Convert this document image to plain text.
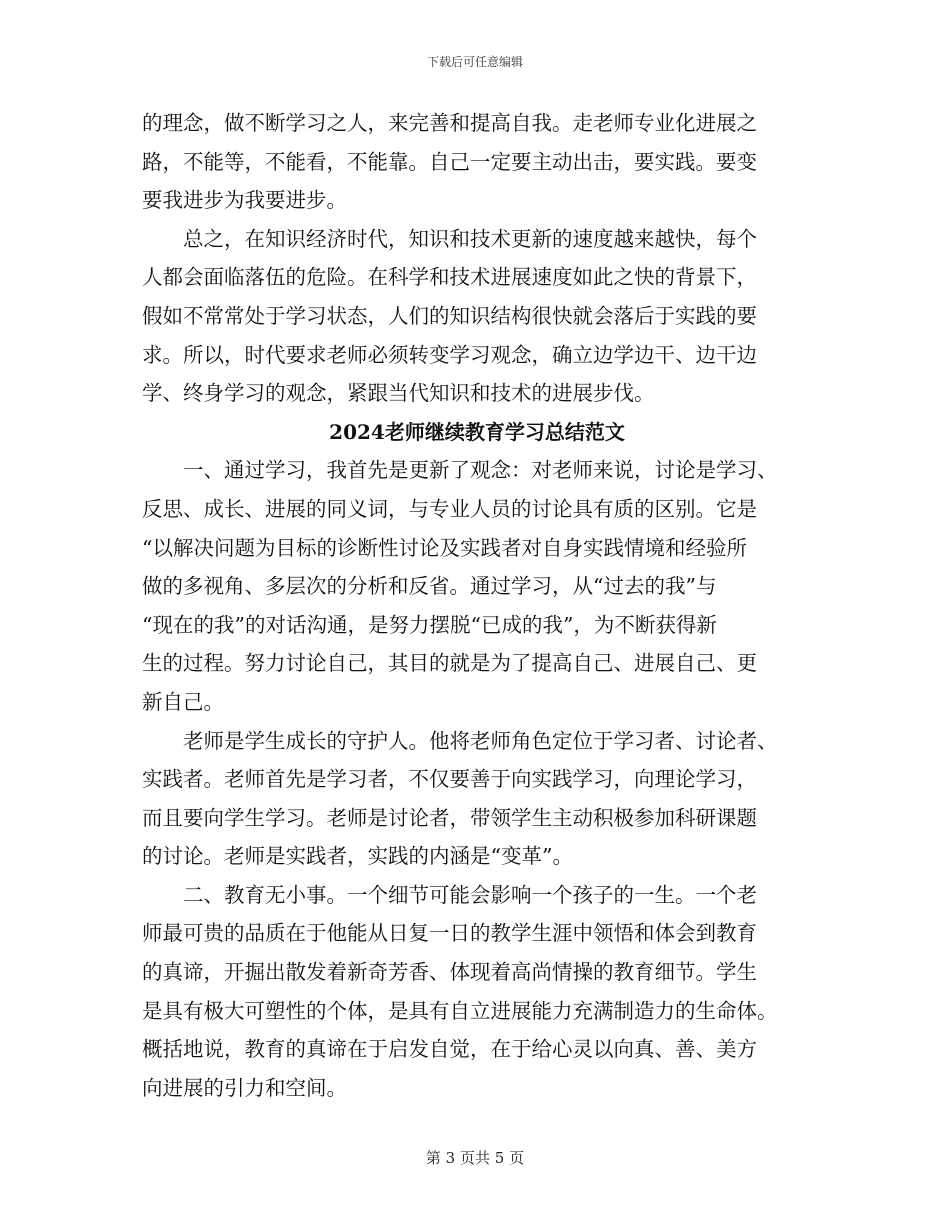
下载后可任意编辑
的理念，做不断学习之人，来完善和提高自我。走老师专业化进展之
路，不能等，不能看，不能靠。自己一定要主动出击，要实践。要变
要我进步为我要进步。
总之，在知识经济时代，知识和技术更新的速度越来越快，每个
人都会面临落伍的危险。在科学和技术进展速度如此之快的背景下，
假如不常常处于学习状态，人们的知识结构很快就会落后于实践的要
求。所以，时代要求老师必须转变学习观念，确立边学边干、边干边
学、终身学习的观念，紧跟当代知识和技术的进展步伐。
2024老师继续教育学习总结范文
一、通过学习，我首先是更新了观念：对老师来说，讨论是学习、
反思、成长、进展的同义词，与专业人员的讨论具有质的区别。它是
“以解决问题为目标的诊断性讨论及实践者对自身实践情境和经验所
做的多视角、多层次的分析和反省。通过学习，从“过去的我”与
“现在的我”的对话沟通，是努力摆脱“已成的我”，为不断获得新
生的过程。努力讨论自己，其目的就是为了提高自己、进展自己、更
新自己。
老师是学生成长的守护人。他将老师角色定位于学习者、讨论者、
实践者。老师首先是学习者，不仅要善于向实践学习，向理论学习，
而且要向学生学习。老师是讨论者，带领学生主动积极参加科研课题
的讨论。老师是实践者，实践的内涵是“变革”。
二、教育无小事。一个细节可能会影响一个孩子的一生。一个老
师最可贵的品质在于他能从日复一日的教学生涯中领悟和体会到教育
的真谛，开掘出散发着新奇芳香、体现着高尚情操的教育细节。学生
是具有极大可塑性的个体，是具有自立进展能力充满制造力的生命体。
概括地说，教育的真谛在于启发自觉，在于给心灵以向真、善、美方
向进展的引力和空间。
第 3 页共 5 页
